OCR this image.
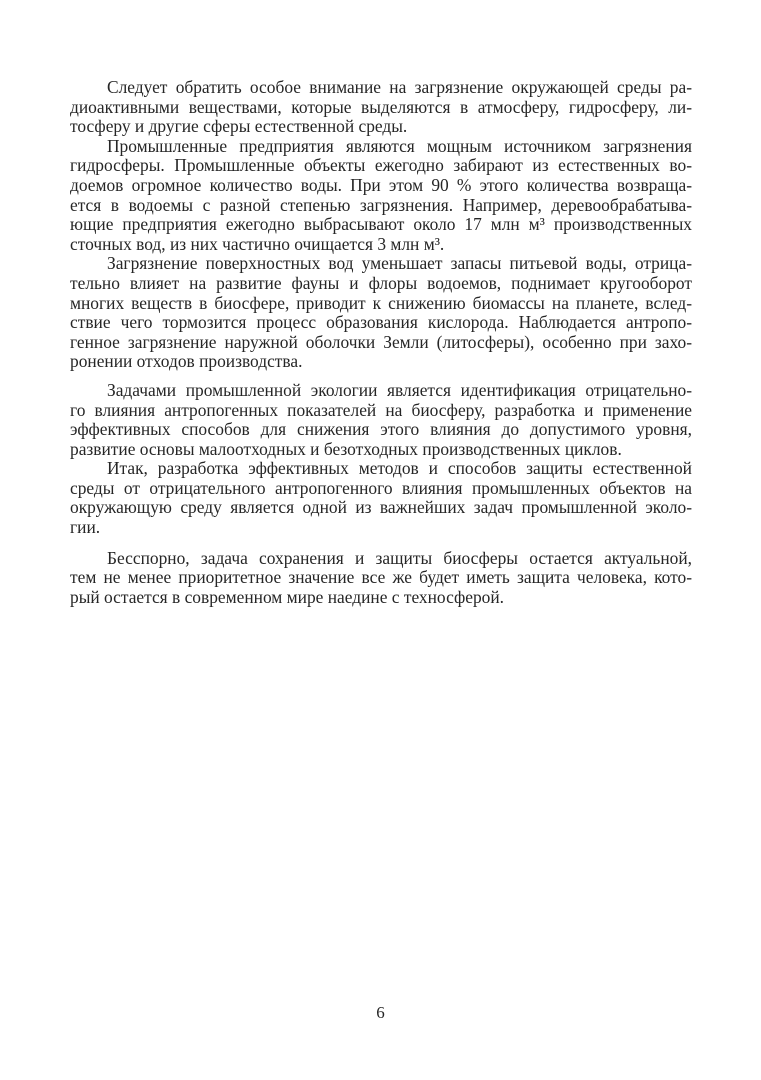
Следует обратить особое внимание на загрязнение окружающей среды ра-
диоактивными веществами, которые выделяются в атмосферу, гидросферу, ли-
тосферу и другие сферы естественной среды.

Промышленные предприятия являются мощным источником загрязнения
гидросферы. Промышленные объекты ежегодно забирают из естественных во-
доемов огромное количество воды. При этом 90 % этого количества возвраща-
ется в водоемы с разной степенью загрязнения. Например, деревообрабатыва-
ющие предприятия ежегодно выбрасывают около 17 млн м³ производственных
сточных вод, из них частично очищается 3 млн м³.

Загрязнение поверхностных вод уменьшает запасы питьевой воды, отрица-
тельно влияет на развитие фауны и флоры водоемов, поднимает кругооборот
многих веществ в биосфере, приводит к снижению биомассы на планете, вслед-
ствие чего тормозится процесс образования кислорода. Наблюдается антропо-
генное загрязнение наружной оболочки Земли (литосферы), особенно при захо-
ронении отходов производства.

Задачами промышленной экологии является идентификация отрицательно-
го влияния антропогенных показателей на биосферу, разработка и применение
эффективных способов для снижения этого влияния до допустимого уровня,
развитие основы малоотходных и безотходных производственных циклов.

Итак, разработка эффективных методов и способов защиты естественной
среды от отрицательного антропогенного влияния промышленных объектов на
окружающую среду является одной из важнейших задач промышленной эколо-
гии.

Бесспорно, задача сохранения и защиты биосферы остается актуальной,
тем не менее приоритетное значение все же будет иметь защита человека, кото-
рый остается в современном мире наедине с техносферой.

6
